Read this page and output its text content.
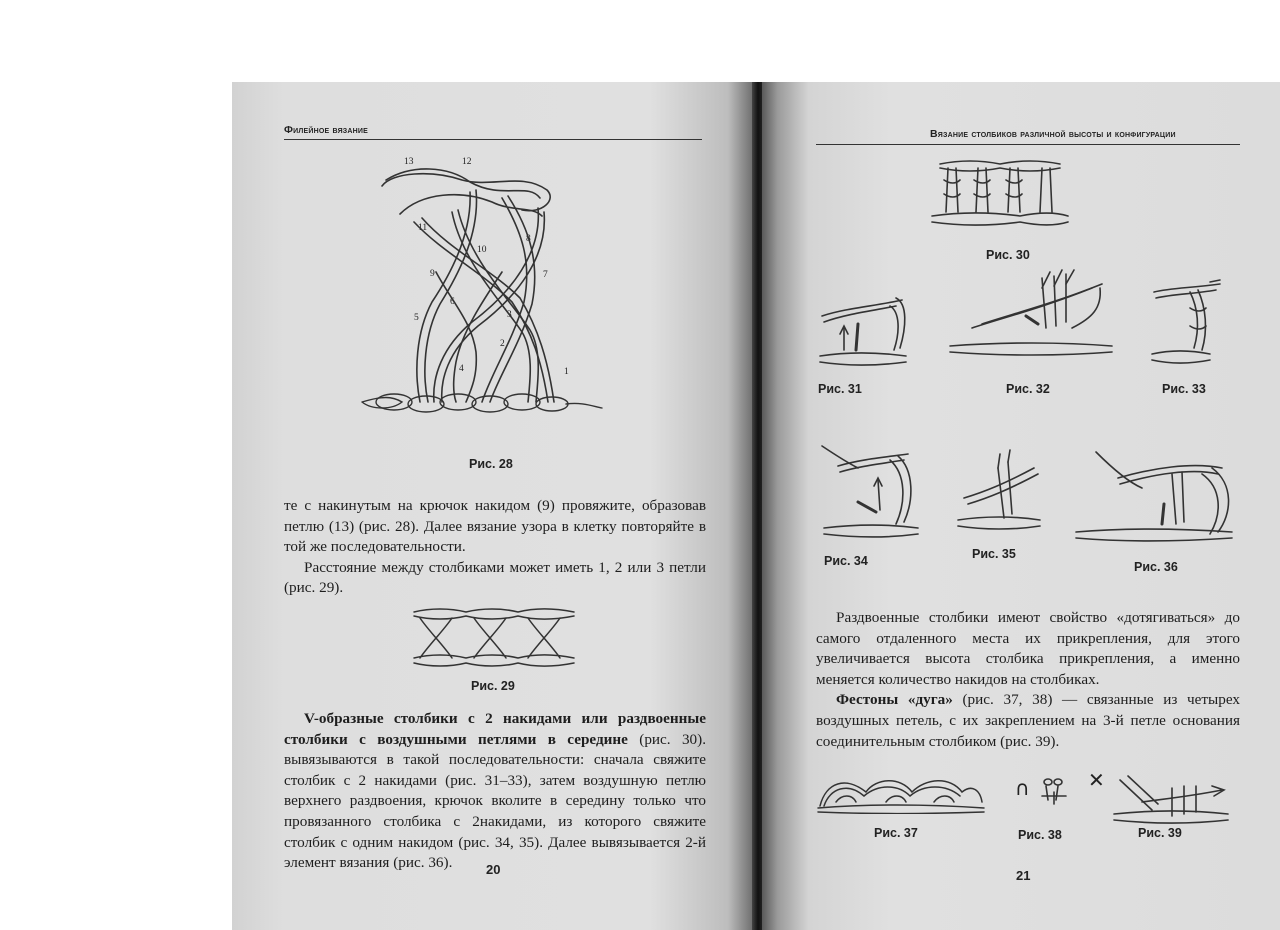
Филейное вязание
13	12
11
10
9
8
7
6
5
4
3
2
1
Рис. 28

те с накинутым на крючок накидом (9) провяжите, образовав петлю (13) (рис. 28). Далее вязание узора в клетку повторяйте в той же последовательности.

Расстояние между столбиками может иметь 1, 2 или 3 петли (рис. 29).

Рис. 29
V-образные столбики с 2 накидами или раздвоенные столбики с воздушными петлями в середине (рис. 30). вывязываются в такой последовательности: сначала свяжите столбик с 2 накидами (рис. 31–33), затем воздушную петлю верхнего раздвоения, крючок вколите в середину только что провязанного столбика с 2накидами, из которого свяжите столбик с одним накидом (рис. 34, 35). Далее вывязывается 2-й элемент вязания (рис. 36).	20
Вязание столбиков различной высоты и конфигурации
Рис. 30
Рис. 31	Рис. 32	Рис. 33
Рис. 34	Рис. 35
Рис. 36

Раздвоенные столбики имеют свойство «дотягиваться» до самого отдаленного места их прикрепления, для этого увеличивается высота столбика прикрепления, а именно меняется количество накидов на столбиках.

Фестоны «дуга» (рис. 37, 38) — связанные из четырех воздушных петель, с их закреплением на 3-й петле основания соединительным столбиком (рис. 39).

Рис. 37
∩	✕
Рис. 38	Рис. 39
21
